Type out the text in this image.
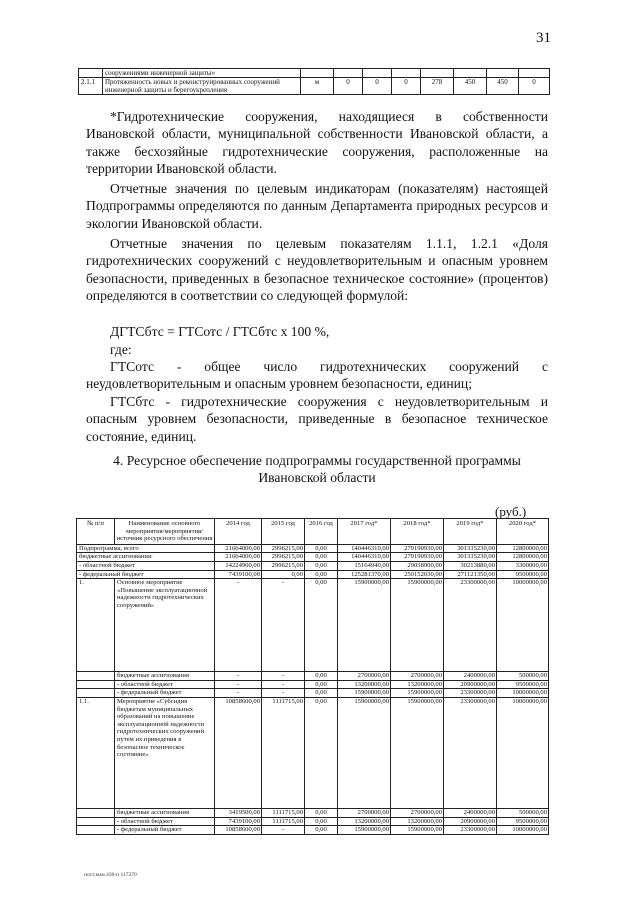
31
	сооружениями инженерной защиты»								
2.1.1	Протяженность новых и реконструированных сооружений инженерной защиты и берегоукрепления	м	0	0	0	278	450	450	0

*Гидротехнические сооружения, находящиеся в собственности Ивановской области, муниципальной собственности Ивановской области, а также бесхозяйные гидротехнические сооружения, расположенные на территории Ивановской области.

Отчетные значения по целевым индикаторам (показателям) настоящей Подпрограммы определяются по данным Департамента природных ресурсов и экологии Ивановской области.

Отчетные значения по целевым показателям 1.1.1, 1.2.1 «Доля гидротехнических сооружений с неудовлетворительным и опасным уровнем безопасности, приведенных в безопасное техническое состояние» (процентов) определяются в соответствии со следующей формулой:

ДГТСбтс = ГТСотс / ГТСбтс х 100 %,

где:

ГТСотс - общее число гидротехнических сооружений с неудовлетворительным и опасным уровнем безопасности, единиц;

ГТСбтс - гидротехнические сооружения с неудовлетворительным и опасным уровнем безопасности, приведенные в безопасное техническое состояние, единиц.

4. Ресурсное обеспечение подпрограммы государственной программы Ивановской области

(руб.)
№ п/п	Наименование основного мероприятия/мероприятия/ источник ресурсного обеспечения	2014 год	2015 год	2016 год	2017 год*	2018 год*	2019 год*	2020 год*
Подпрограмма, всего		21664000,00	2996215,00	0,00	140446310,00	279190930,00	301335230,00	12800000,00
бюджетные ассигнования:		21664000,00	2996215,00	0,00	140446310,00	279190930,00	301335230,00	12800000,00
- областной бюджет		14224900,00	2996215,00	0,00	15164940,00	29038900,00	30213880,00	3300000,00
- федеральный бюджет		7439100,00	0,00	0,00	125281370,00	250152030,00	271121350,00	9500000,00
1.	Основное мероприятие «Повышение эксплуатационной надежности гидротехнических сооружений»	-	-	0,00	15900000,00	15900000,00	23300000,00	10000000,00
	бюджетные ассигнования	-	-	0,00	2700000,00	2700000,00	2400000,00	500000,00
	- областной бюджет	-	-	0,00	13200000,00	13200000,00	20900000,00	9500000,00
	- федеральный бюджет	-	-	0,00	15900000,00	15900000,00	23300000,00	10000000,00
1.1.	Мероприятие «Субсидия бюджетам муниципальных образований на повышение эксплуатационной надежности гидротехнических сооружений путем их приведения в безопасное техническое состояние»	10858600,00	1111715,00	0,00	15900000,00	15900000,00	23300000,00	10000000,00
	бюджетные ассигнования	3419500,00	1111715,00	0,00	2700000,00	2700000,00	2400000,00	500000,00
	- областной бюджет	7439100,00	1111715,00	0,00	13200000,00	13200000,00	20900000,00	9500000,00
	- федеральный бюджет	10858600,00	-	0,00	15900000,00	15900000,00	23300000,00	10000000,00
пост.мзм.430-п 117270
